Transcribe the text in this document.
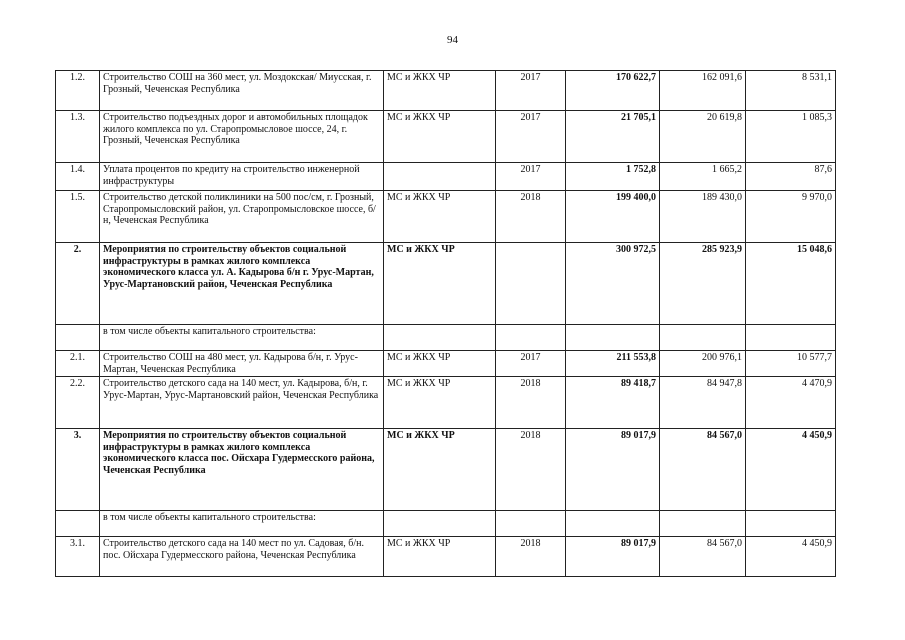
94
1.2.	Строительство СОШ на 360 мест, ул. Моздокская/ Миусская, г. Грозный, Чеченская Республика	МС и ЖКХ ЧР	2017	170 622,7	162 091,6	8 531,1
1.3.	Строительство подъездных дорог и автомобильных площадок жилого комплекса по ул. Старопромысловое шоссе, 24, г. Грозный, Чеченская Республика	МС и ЖКХ ЧР	2017	21 705,1	20 619,8	1 085,3
1.4.	Уплата процентов по кредиту на строительство инженерной инфраструктуры		2017	1 752,8	1 665,2	87,6
1.5.	Строительство детской поликлиники на 500 пос/см, г. Грозный, Старопромысловский район, ул. Старопромысловское шоссе, б/н, Чеченская Республика	МС и ЖКХ ЧР	2018	199 400,0	189 430,0	9 970,0
2.	Мероприятия по строительству объектов социальной инфраструктуры в рамках жилого комплекса экономического класса ул. А. Кадырова б/н г. Урус-Мартан, Урус-Мартановский район, Чеченская Республика	МС и ЖКХ ЧР		300 972,5	285 923,9	15 048,6
	в том числе объекты капитального строительства:					
2.1.	Строительство СОШ на 480 мест, ул. Кадырова б/н, г. Урус-Мартан, Чеченская Республика	МС и ЖКХ ЧР	2017	211 553,8	200 976,1	10 577,7
2.2.	Строительство детского сада на 140 мест, ул. Кадырова, б/н, г. Урус-Мартан, Урус-Мартановский район, Чеченская Республика	МС и ЖКХ ЧР	2018	89 418,7	84 947,8	4 470,9
3.	Мероприятия по строительству объектов социальной инфраструктуры в рамках жилого комплекса экономического класса пос. Ойсхара Гудермесского района, Чеченская Республика	МС и ЖКХ ЧР	2018	89 017,9	84 567,0	4 450,9
	в том числе объекты капитального строительства:					
3.1.	Строительство детского сада на 140 мест по ул. Садовая, б/н. пос. Ойсхара Гудермесского района, Чеченская Республика	МС и ЖКХ ЧР	2018	89 017,9	84 567,0	4 450,9
